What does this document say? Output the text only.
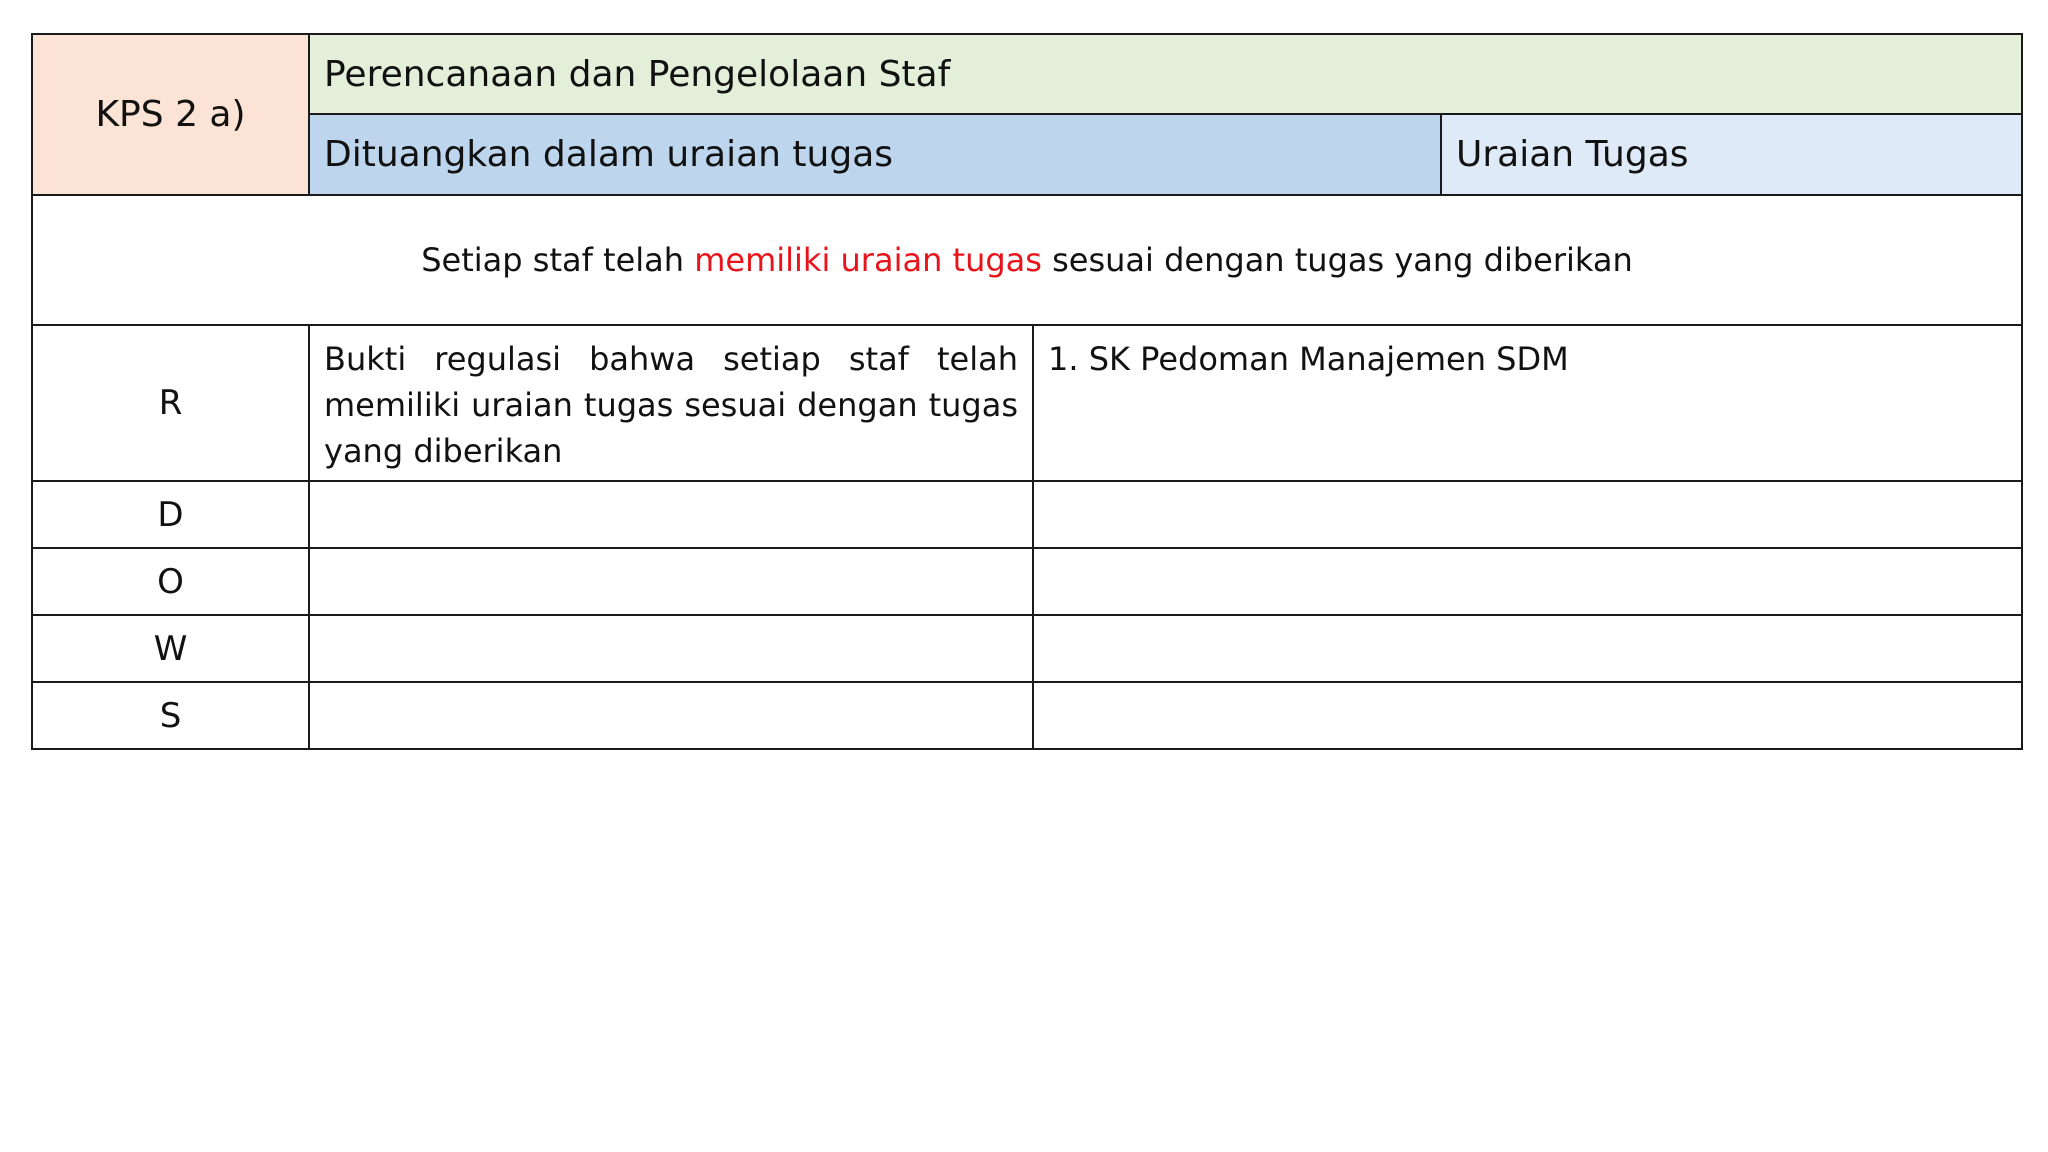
KPS 2 a)	Perencanaan dan Pengelolaan Staf		
	Dituangkan dalam uraian tugas		Uraian Tugas
Setiap staf telah memiliki uraian tugas sesuai dengan tugas yang diberikan			
R	Bukti regulasi bahwa setiap staf telah memiliki uraian tugas sesuai dengan tugas yang diberikan	1. SK Pedoman Manajemen SDM	
D			
O			
W			
S			
